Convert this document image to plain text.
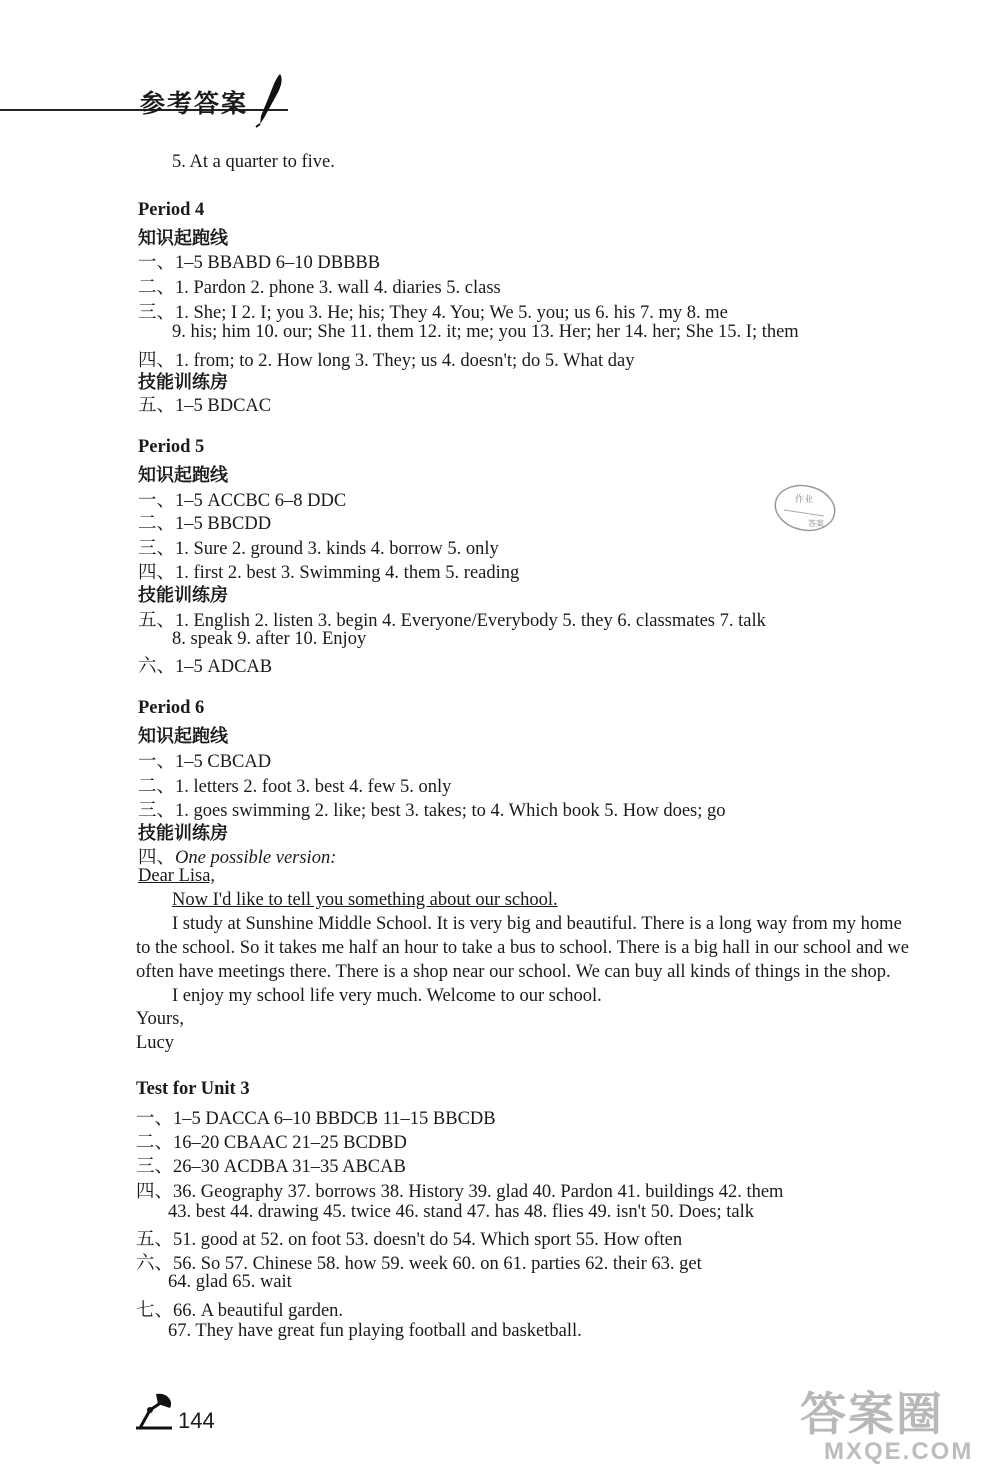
参考答案
5. At a quarter to five.
Period 4
知识起跑线
一、1–5 BBABD 6–10 DBBBB
二、1. Pardon 2. phone 3. wall 4. diaries 5. class
三、1. She; I 2. I; you 3. He; his; They 4. You; We 5. you; us 6. his 7. my 8. me
9. his; him 10. our; She 11. them 12. it; me; you 13. Her; her 14. her; She 15. I; them
四、1. from; to 2. How long 3. They; us 4. doesn't; do 5. What day
技能训练房
五、1–5 BDCAC
Period 5
知识起跑线
一、1–5 ACCBC 6–8 DDC
二、1–5 BBCDD
三、1. Sure 2. ground 3. kinds 4. borrow 5. only
四、1. first 2. best 3. Swimming 4. them 5. reading
技能训练房
五、1. English 2. listen 3. begin 4. Everyone/Everybody 5. they 6. classmates 7. talk
8. speak 9. after 10. Enjoy
六、1–5 ADCAB
作业
答案
Period 6
知识起跑线
一、1–5 CBCAD
二、1. letters 2. foot 3. best 4. few 5. only
三、1. goes swimming 2. like; best 3. takes; to 4. Which book 5. How does; go
技能训练房
四、One possible version:
Dear Lisa,
Now I'd like to tell you something about our school.
I study at Sunshine Middle School. It is very big and beautiful. There is a long way from my home
to the school. So it takes me half an hour to take a bus to school. There is a big hall in our school and we
often have meetings there. There is a shop near our school. We can buy all kinds of things in the shop.
I enjoy my school life very much. Welcome to our school.
Yours,
Lucy
Test for Unit 3
一、1–5 DACCA 6–10 BBDCB 11–15 BBCDB
二、16–20 CBAAC 21–25 BCDBD
三、26–30 ACDBA 31–35 ABCAB
四、36. Geography 37. borrows 38. History 39. glad 40. Pardon 41. buildings 42. them
43. best 44. drawing 45. twice 46. stand 47. has 48. flies 49. isn't 50. Does; talk
五、51. good at 52. on foot 53. doesn't do 54. Which sport 55. How often
六、56. So 57. Chinese 58. how 59. week 60. on 61. parties 62. their 63. get
64. glad 65. wait
七、66. A beautiful garden.
67. They have great fun playing football and basketball.
144	答案圈
MXQE.COM
